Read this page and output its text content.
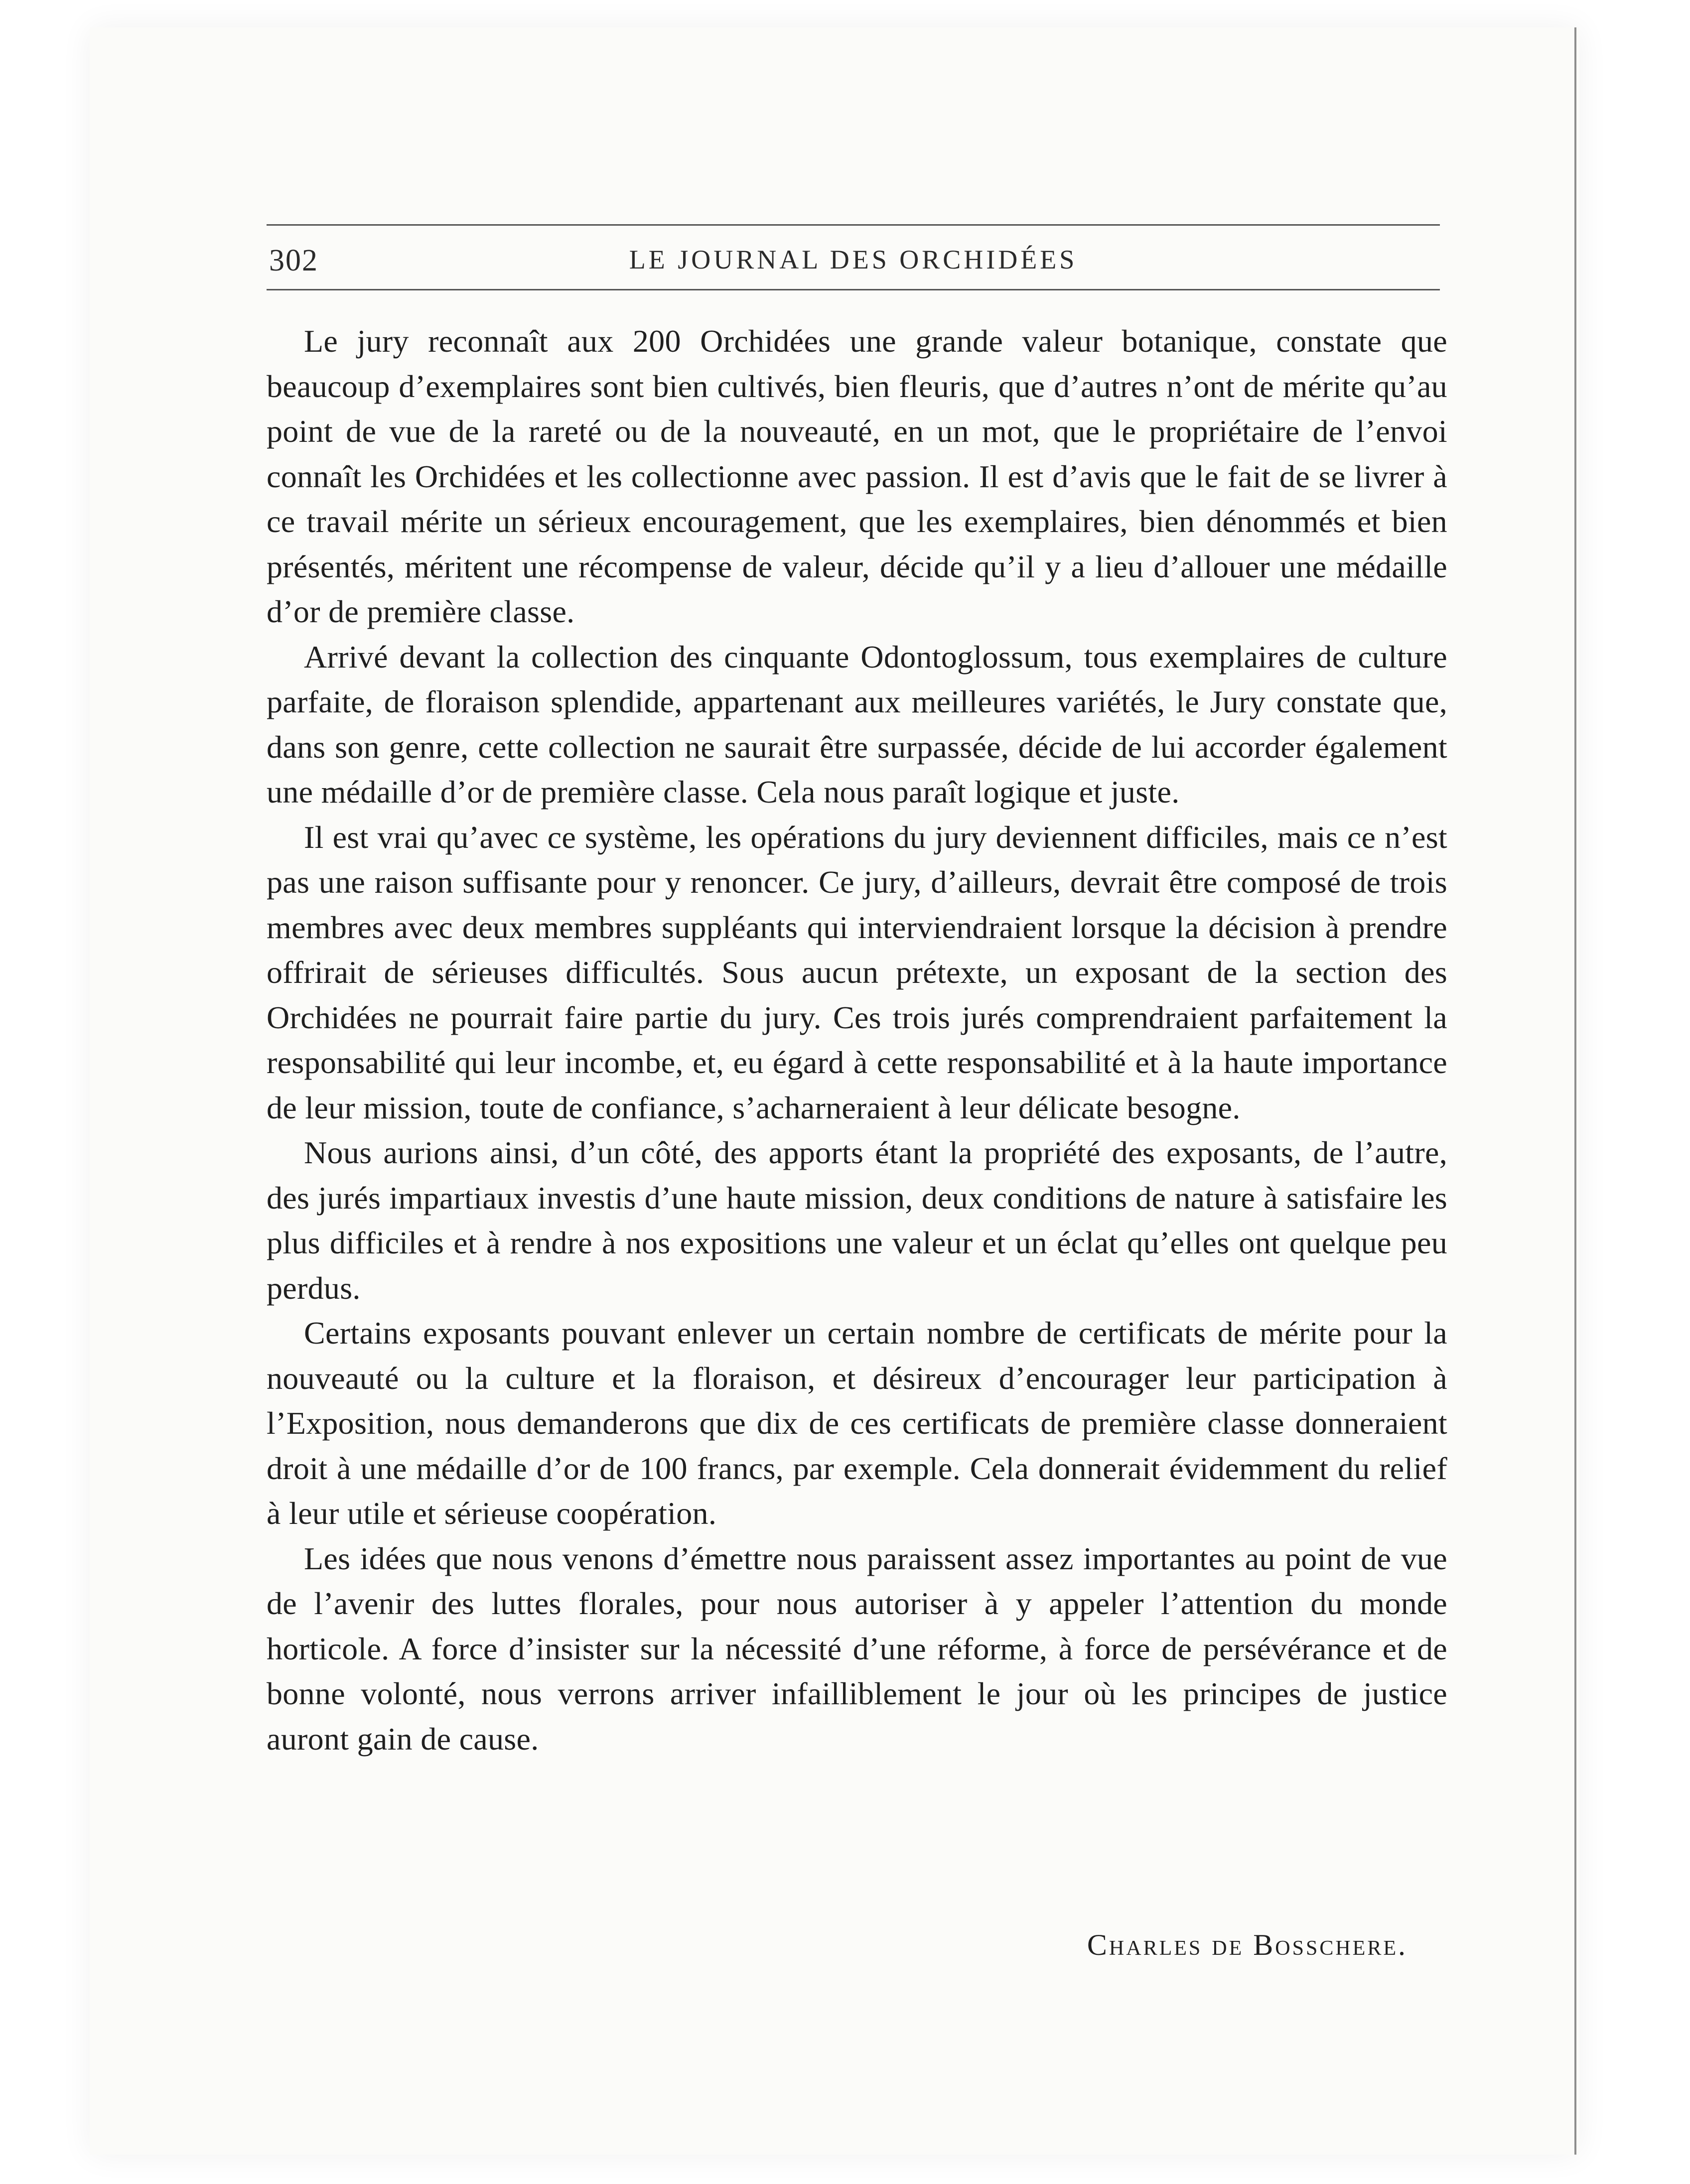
302	LE JOURNAL DES ORCHIDÉES

Le jury reconnaît aux 200 Orchidées une grande valeur botanique, constate que beaucoup d’exemplaires sont bien cultivés, bien fleuris, que d’autres n’ont de mérite qu’au point de vue de la rareté ou de la nouveauté, en un mot, que le propriétaire de l’envoi connaît les Orchidées et les collectionne avec passion. Il est d’avis que le fait de se livrer à ce travail mérite un sérieux encouragement, que les exemplaires, bien dénommés et bien présentés, méritent une récompense de valeur, décide qu’il y a lieu d’allouer une médaille d’or de première classe.

Arrivé devant la collection des cinquante Odontoglossum, tous exemplaires de culture parfaite, de floraison splendide, appartenant aux meilleures variétés, le Jury constate que, dans son genre, cette collection ne saurait être surpassée, décide de lui accorder également une médaille d’or de première classe. Cela nous paraît logique et juste.

Il est vrai qu’avec ce système, les opérations du jury deviennent difficiles, mais ce n’est pas une raison suffisante pour y renoncer. Ce jury, d’ailleurs, devrait être composé de trois membres avec deux membres suppléants qui interviendraient lorsque la décision à prendre offrirait de sérieuses difficultés. Sous aucun prétexte, un exposant de la section des Orchidées ne pourrait faire partie du jury. Ces trois jurés comprendraient parfaitement la responsabilité qui leur incombe, et, eu égard à cette responsabilité et à la haute importance de leur mission, toute de confiance, s’acharneraient à leur délicate besogne.

Nous aurions ainsi, d’un côté, des apports étant la propriété des exposants, de l’autre, des jurés impartiaux investis d’une haute mission, deux conditions de nature à satisfaire les plus difficiles et à rendre à nos expositions une valeur et un éclat qu’elles ont quelque peu perdus.

Certains exposants pouvant enlever un certain nombre de certificats de mérite pour la nouveauté ou la culture et la floraison, et désireux d’encourager leur participation à l’Exposition, nous demanderons que dix de ces certificats de première classe donneraient droit à une médaille d’or de 100 francs, par exemple. Cela donnerait évidemment du relief à leur utile et sérieuse coopération.

Les idées que nous venons d’émettre nous paraissent assez importantes au point de vue de l’avenir des luttes florales, pour nous autoriser à y appeler l’attention du monde horticole. A force d’insister sur la nécessité d’une réforme, à force de persévérance et de bonne volonté, nous verrons arriver infailliblement le jour où les principes de justice auront gain de cause.

Charles de Bosschere.
